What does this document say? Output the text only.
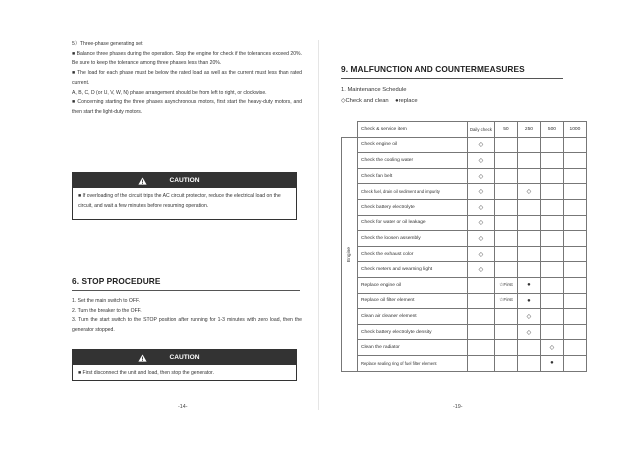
5）Three-phase generating set

■ Balance three phases during the operation. Stop the engine for check if the tolerances exceed 20%. Be sure to keep the tolerance among three phases less than 20%.

■ The load for each phase must be below the rated load as well as the current must less than rated current.

A, B, C, D (or U, V, W, N) phase arrangement should be from left to right, or clockwise.

■ Concerning starting the three phases asynchronous motors, first start the heavy-duty motors, and then start the light-duty motors.

CAUTION
■ If overloading of the circuit trips the AC circuit protector, reduce the electrical load on the circuit, and wait a few minutes before resuming operation.
6. STOP PROCEDURE

1. Set the main switch to OFF.

2. Turn the breaker to the OFF.

3. Turn the start switch to the STOP position after running for 1-3 minutes with zero load, then the generator stopped.

CAUTION
■ First disconnect the unit and load, then stop the generator.
-14-
9. MALFUNCTION AND COUNTERMEASURES
1. Maintenance Schedule
◇Check and clean    ●replace
	Check & service item	Daily check	50	250	500	1000
Engine	Check engine oil	◇				
	Check the cooling water	◇				
	Check fan belt	◇				
	Check fuel, drain oil sediment and impurity	◇		◇		
	Check battery electrolyte	◇				
	Check for water or oil leakage	◇				
	Check the loosen assembly	◇				
	Check the exhaust color	◇				
	Check meters and wearning light	◇				
	Replace engine oil		☆First	●		
	Replace oil filter element		☆First	●		
	Clean air cleaner element			◇		
	Check battery electrolyte density			◇		
	Clean the radiator				◇	
	Replace sealing ring of fuel filter element				●	
-19-
